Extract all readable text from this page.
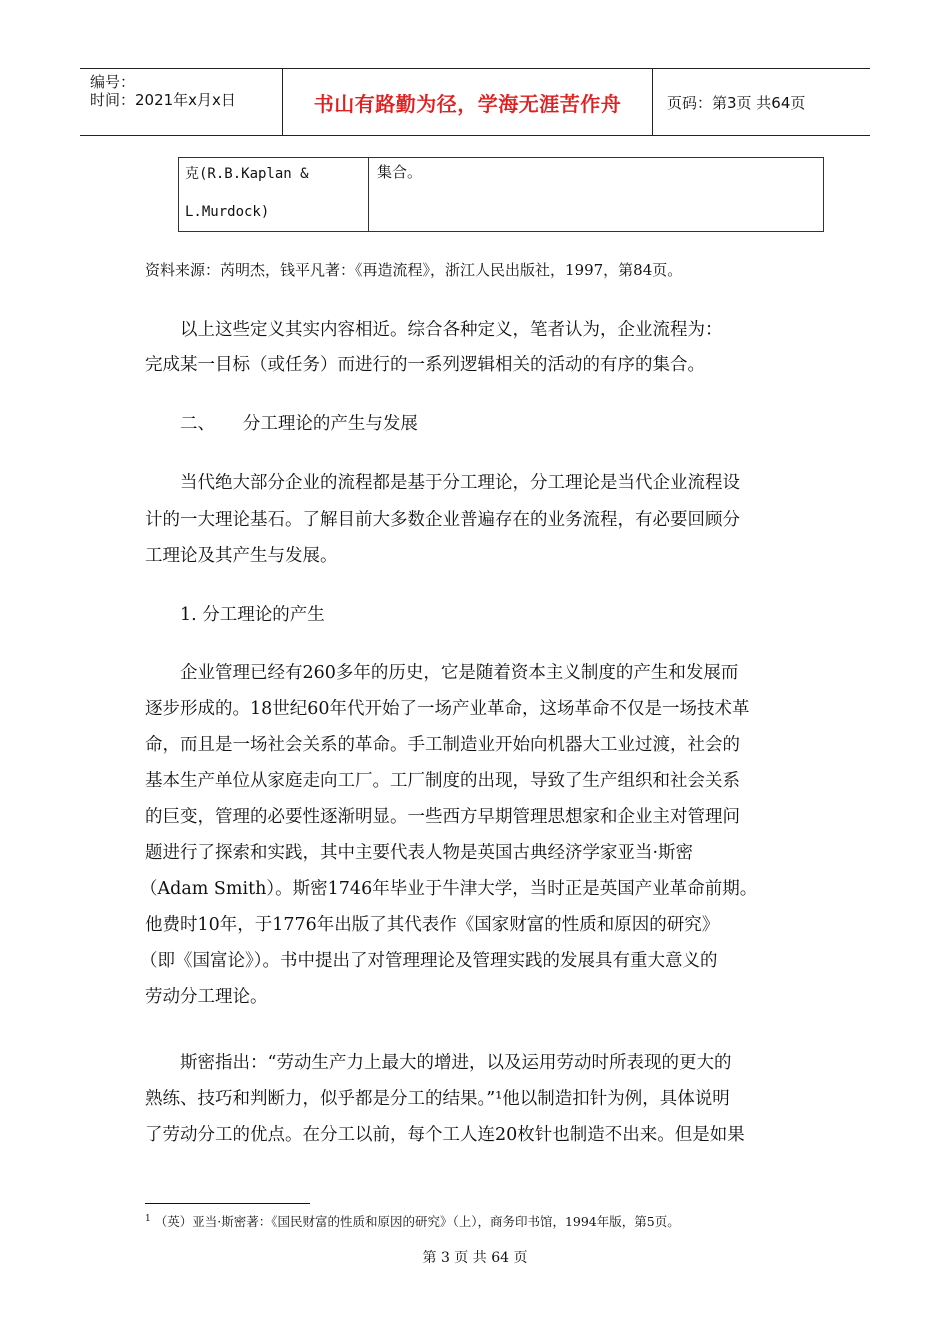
编号：
时间：2021年x月x日	书山有路勤为径，学海无涯苦作舟	页码：第3页 共64页
克(R.B.Kaplan &
L.Murdock)
集合。
资料来源：芮明杰，钱平凡著：《再造流程》，浙江人民出版社，1997，第84页。
以上这些定义其实内容相近。综合各种定义，笔者认为，企业流程为：
完成某一目标（或任务）而进行的一系列逻辑相关的活动的有序的集合。
二、     分工理论的产生与发展
当代绝大部分企业的流程都是基于分工理论，分工理论是当代企业流程设
计的一大理论基石。了解目前大多数企业普遍存在的业务流程，有必要回顾分
工理论及其产生与发展。
1. 分工理论的产生
企业管理已经有260多年的历史，它是随着资本主义制度的产生和发展而
逐步形成的。18世纪60年代开始了一场产业革命，这场革命不仅是一场技术革
命，而且是一场社会关系的革命。手工制造业开始向机器大工业过渡，社会的
基本生产单位从家庭走向工厂。工厂制度的出现，导致了生产组织和社会关系
的巨变，管理的必要性逐渐明显。一些西方早期管理思想家和企业主对管理问
题进行了探索和实践，其中主要代表人物是英国古典经济学家亚当·斯密
（Adam Smith）。斯密1746年毕业于牛津大学，当时正是英国产业革命前期。
他费时10年，于1776年出版了其代表作《国家财富的性质和原因的研究》
（即《国富论》）。书中提出了对管理理论及管理实践的发展具有重大意义的
劳动分工理论。
斯密指出：“劳动生产力上最大的增进，以及运用劳动时所表现的更大的
熟练、技巧和判断力，似乎都是分工的结果。”¹他以制造扣针为例，具体说明
了劳动分工的优点。在分工以前，每个工人连20枚针也制造不出来。但是如果
$^1$ （英）亚当·斯密著：《国民财富的性质和原因的研究》（上），商务印书馆，1994年版，第5页。
第 3 页 共 64 页
